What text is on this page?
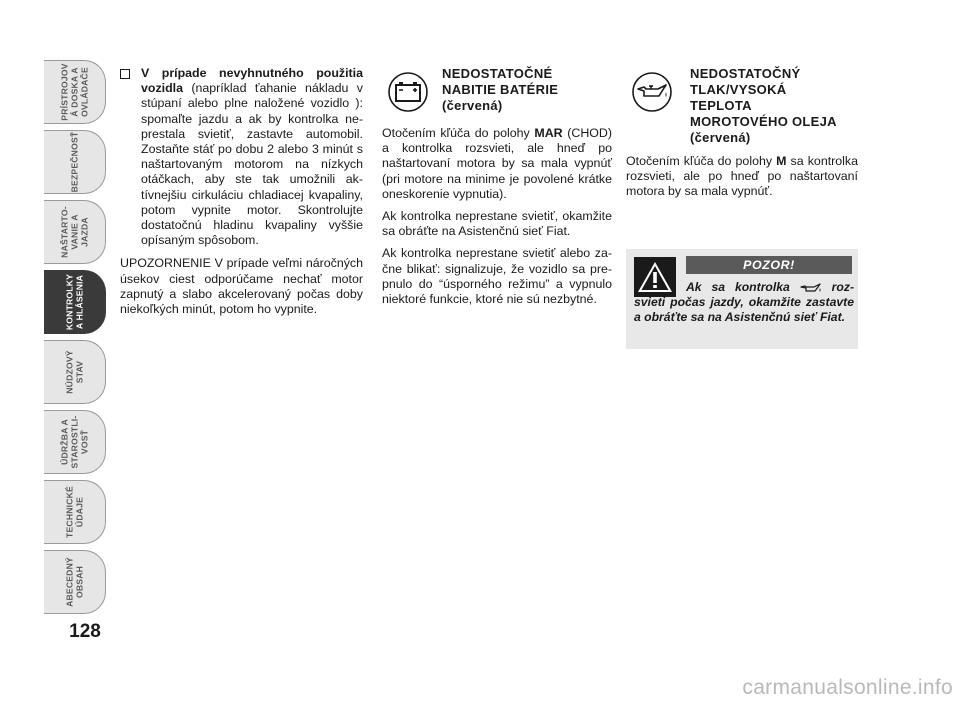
PRÍSTROJOV
Á DOSKA A
OVLÁDAČE
BEZPEČNOSŤ
NAŠTARTO-
VANIE A
JAZDA
KONTROLKY
A HLÁSENIA
NÚDZOVÝ
STAV
ÚDRŽBA A
STAROSTLI-
VOSŤ
TECHNICKÉ
ÚDAJE
ABECEDNÝ
OBSAH
128
V prípade nevyhnutného použitia vozidla (napríklad ťahanie nákladu v stúpaní alebo plne naložené vozidlo ): spomaľte jazdu a ak by kontrolka neprestala svietiť, zastavte automobil. Zostaňte stáť po dobu 2 alebo 3 minút s naštartovaným motorom na nízkych otáčkach, aby ste tak umožnili aktívnejšiu cirkuláciu chladiacej kvapaliny, potom vypnite motor. Skontrolujte dostatočnú hladinu kvapaliny vyššie opísaným spôsobom.

UPOZORNENIE V prípade veľmi náročných úsekov ciest odporúčame nechať motor zapnutý a slabo akcelerovaný počas doby niekoľkých minút, potom ho vypnite.

NEDOSTATOČNÉ
NABITIE BATÉRIE
(červená)

Otočením kľúča do polohy MAR (CHOD) a kontrolka rozsvieti, ale hneď po naštartovaní motora by sa mala vypnúť (pri motore na minime je povolené krátke oneskorenie vypnutia).

Ak kontrolka neprestane svietiť, okamžite sa obráťte na Asistenčnú sieť Fiat.

Ak kontrolka neprestane svietiť alebo začne blikať: signalizuje, že vozidlo sa prepnulo do “úsporného režimu” a vypnulo niektoré funkcie, ktoré nie sú nezbytné.

NEDOSTATOČNÝ
TLAK/VYSOKÁ
TEPLOTA
MOROTOVÉHO OLEJA
(červená)

Otočením kľúča do polohy M sa kontrolka rozsvieti, ale po hneď po naštartovaní motora by sa mala vypnúť.

POZOR!
Ak sa kontrolka  rozsvieti počas jazdy, okamžite zastavte a obráťte sa na Asistenčnú sieť Fiat.
carmanualsonline.info
